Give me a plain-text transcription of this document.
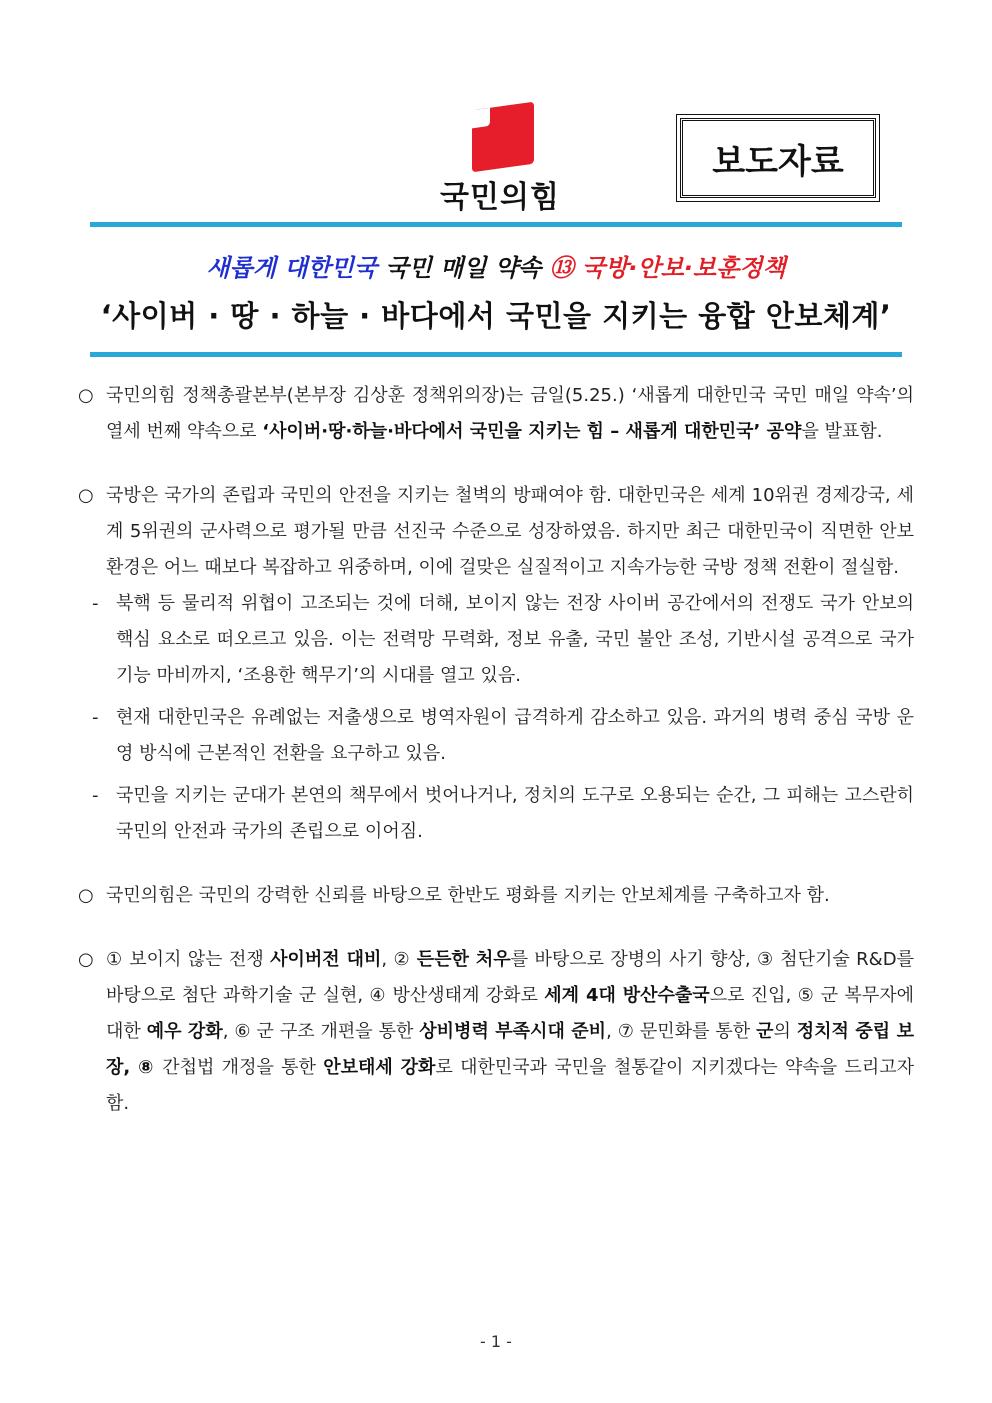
국민의힘
보도자료
새롭게 대한민국 국민 매일 약속 ⑬ 국방·안보·보훈정책
‘사이버 · 땅 · 하늘 · 바다에서 국민을 지키는 융합 안보체계’
○ 국민의힘 정책총괄본부(본부장 김상훈 정책위의장)는 금일(5.25.) ‘새롭게 대한민국 국민 매일 약속’의 열세 번째 약속으로 ‘사이버·땅·하늘·바다에서 국민을 지키는 힘 – 새롭게 대한민국’ 공약을 발표함.
○ 국방은 국가의 존립과 국민의 안전을 지키는 철벽의 방패여야 함. 대한민국은 세계 10위권 경제강국, 세계 5위권의 군사력으로 평가될 만큼 선진국 수준으로 성장하였음. 하지만 최근 대한민국이 직면한 안보 환경은 어느 때보다 복잡하고 위중하며, 이에 걸맞은 실질적이고 지속가능한 국방 정책 전환이 절실함.
- 북핵 등 물리적 위협이 고조되는 것에 더해, 보이지 않는 전장 사이버 공간에서의 전쟁도 국가 안보의 핵심 요소로 떠오르고 있음. 이는 전력망 무력화, 정보 유출, 국민 불안 조성, 기반시설 공격으로 국가기능 마비까지, ‘조용한 핵무기’의 시대를 열고 있음.
- 현재 대한민국은 유례없는 저출생으로 병역자원이 급격하게 감소하고 있음. 과거의 병력 중심 국방 운영 방식에 근본적인 전환을 요구하고 있음.
- 국민을 지키는 군대가 본연의 책무에서 벗어나거나, 정치의 도구로 오용되는 순간, 그 피해는 고스란히 국민의 안전과 국가의 존립으로 이어짐.
○ 국민의힘은 국민의 강력한 신뢰를 바탕으로 한반도 평화를 지키는 안보체계를 구축하고자 함.
○ ① 보이지 않는 전쟁 사이버전 대비, ② 든든한 처우를 바탕으로 장병의 사기 향상, ③ 첨단기술 R&D를 바탕으로 첨단 과학기술 군 실현, ④ 방산생태계 강화로 세계 4대 방산수출국으로 진입, ⑤ 군 복무자에 대한 예우 강화, ⑥ 군 구조 개편을 통한 상비병력 부족시대 준비, ⑦ 문민화를 통한 군의 정치적 중립 보장, ⑧ 간첩법 개정을 통한 안보태세 강화로 대한민국과 국민을 철통같이 지키겠다는 약속을 드리고자 함.
- 1 -
